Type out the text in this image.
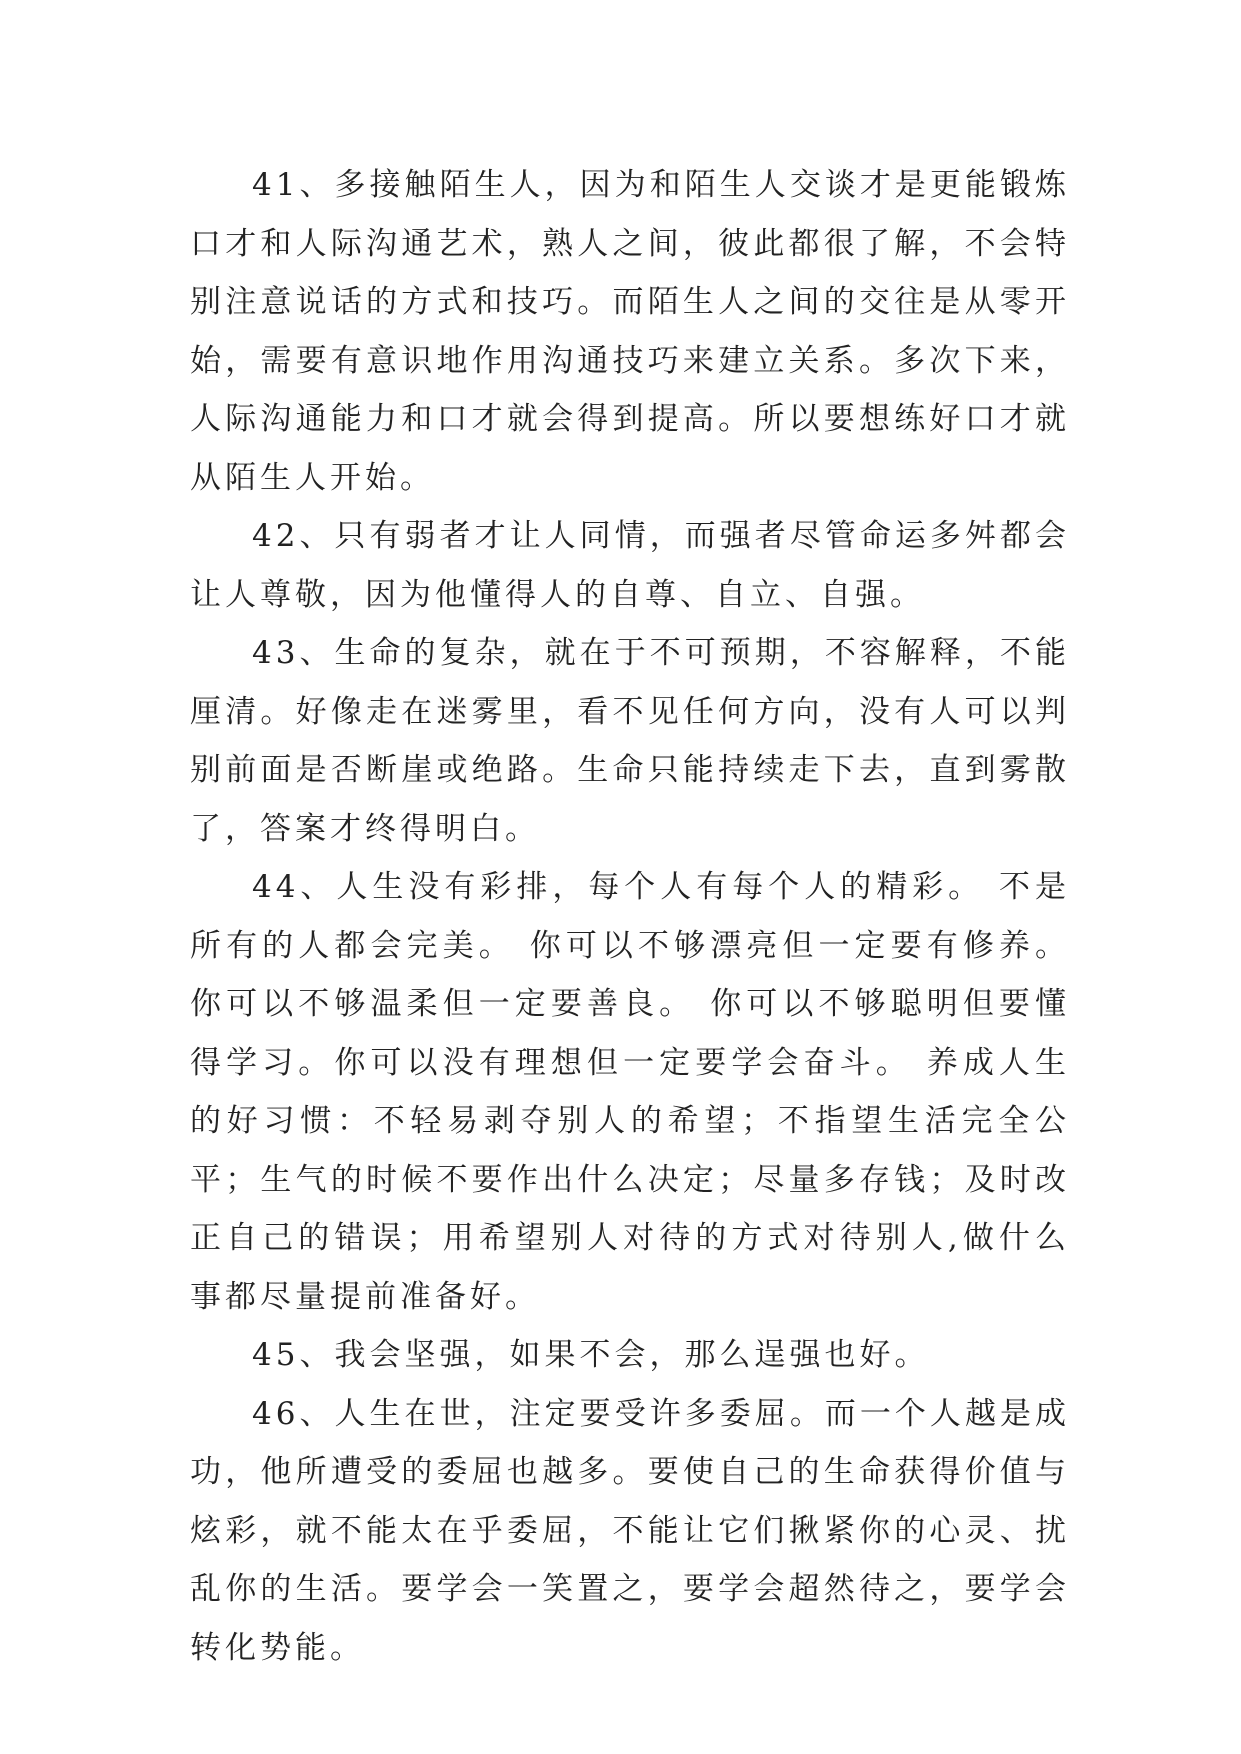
41、多接触陌生人，因为和陌生人交谈才是更能锻炼口才和人际沟通艺术，熟人之间，彼此都很了解，不会特别注意说话的方式和技巧。而陌生人之间的交往是从零开始，需要有意识地作用沟通技巧来建立关系。多次下来，人际沟通能力和口才就会得到提高。所以要想练好口才就从陌生人开始。

42、只有弱者才让人同情，而强者尽管命运多舛都会让人尊敬，因为他懂得人的自尊、自立、自强。

43、生命的复杂，就在于不可预期，不容解释，不能厘清。好像走在迷雾里，看不见任何方向，没有人可以判别前面是否断崖或绝路。生命只能持续走下去，直到雾散了，答案才终得明白。

44、人生没有彩排，每个人有每个人的精彩。 不是所有的人都会完美。 你可以不够漂亮但一定要有修养。 你可以不够温柔但一定要善良。 你可以不够聪明但要懂得学习。你可以没有理想但一定要学会奋斗。 养成人生的好习惯：不轻易剥夺别人的希望；不指望生活完全公平；生气的时候不要作出什么决定；尽量多存钱；及时改正自己的错误；用希望别人对待的方式对待别人,做什么事都尽量提前准备好。

45、我会坚强，如果不会，那么逞强也好。

46、人生在世，注定要受许多委屈。而一个人越是成功，他所遭受的委屈也越多。要使自己的生命获得价值与炫彩，就不能太在乎委屈，不能让它们揪紧你的心灵、扰乱你的生活。要学会一笑置之，要学会超然待之，要学会转化势能。
